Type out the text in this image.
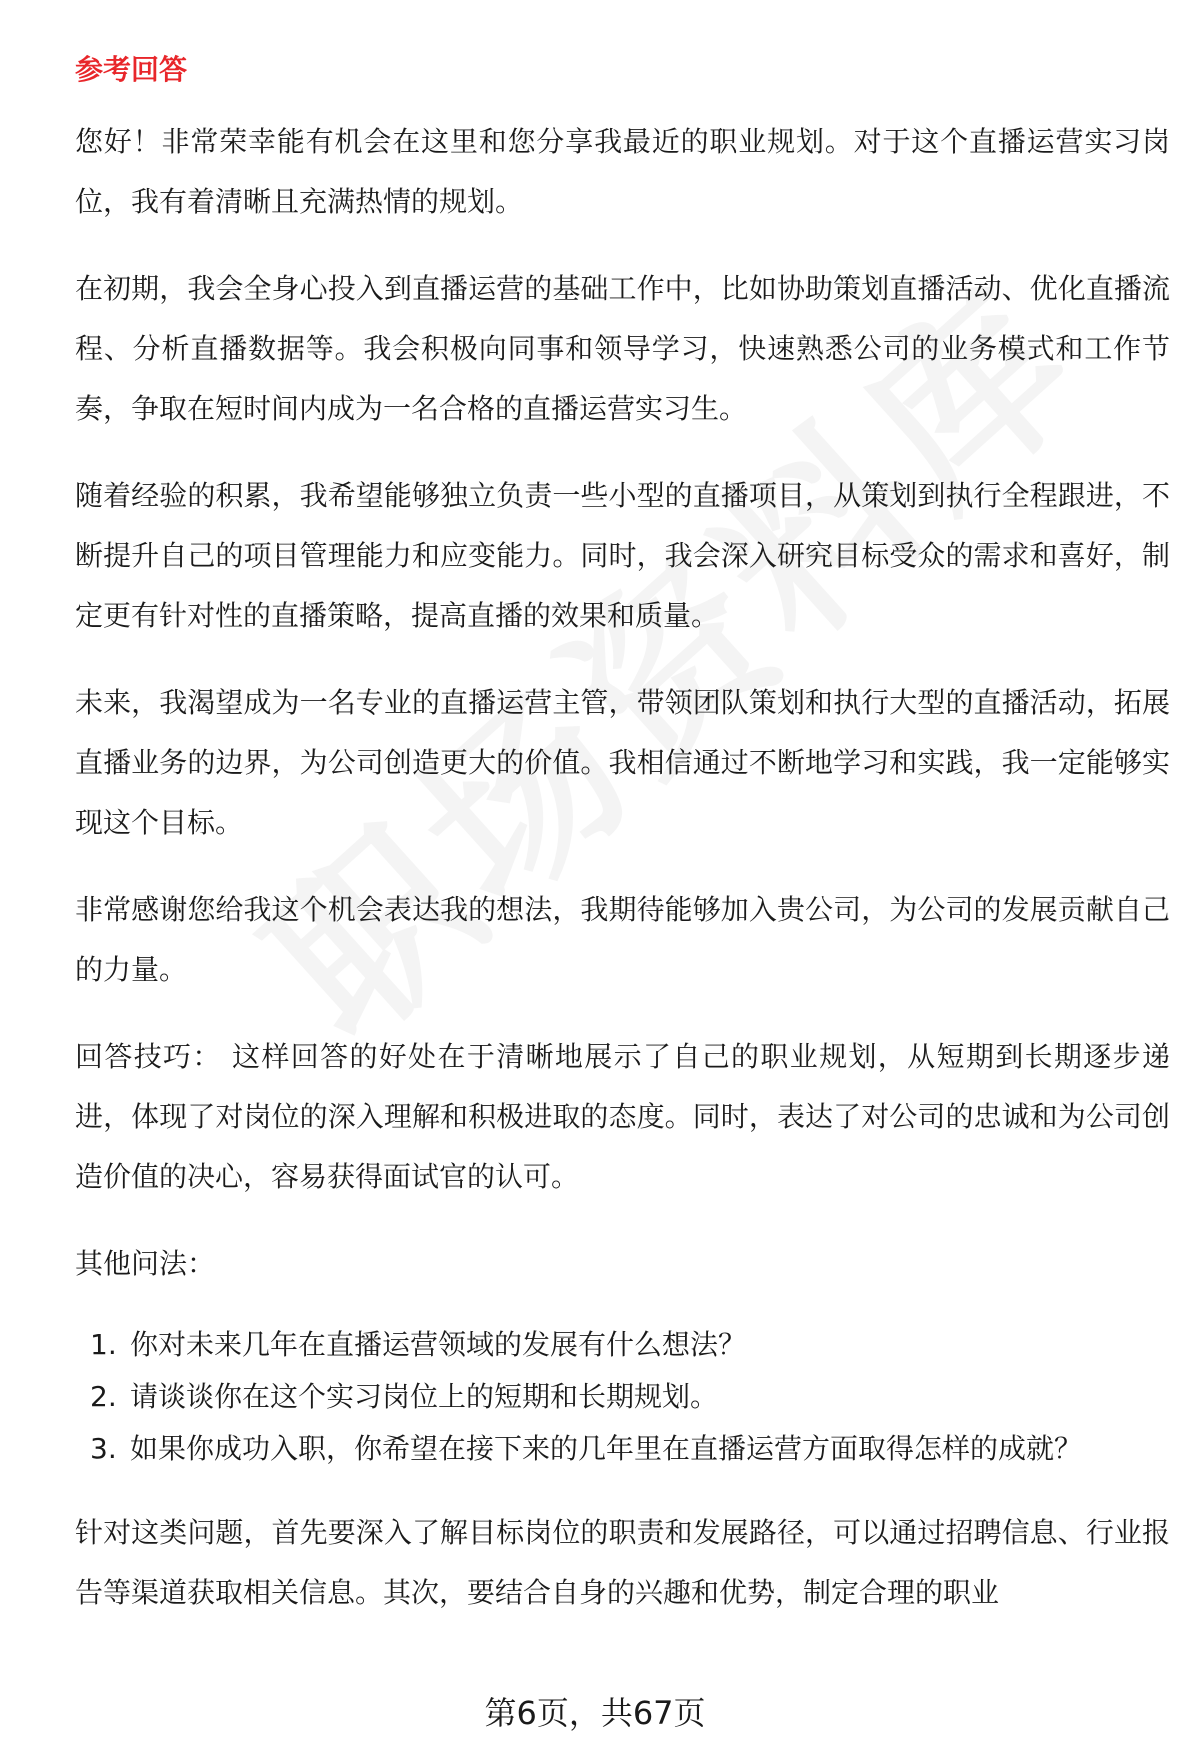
参考回答

您好！非常荣幸能有机会在这里和您分享我最近的职业规划。对于这个直播运营实习岗位，我有着清晰且充满热情的规划。

在初期，我会全身心投入到直播运营的基础工作中，比如协助策划直播活动、优化直播流程、分析直播数据等。我会积极向同事和领导学习，快速熟悉公司的业务模式和工作节奏，争取在短时间内成为一名合格的直播运营实习生。

随着经验的积累，我希望能够独立负责一些小型的直播项目，从策划到执行全程跟进，不断提升自己的项目管理能力和应变能力。同时，我会深入研究目标受众的需求和喜好，制定更有针对性的直播策略，提高直播的效果和质量。

未来，我渴望成为一名专业的直播运营主管，带领团队策划和执行大型的直播活动，拓展直播业务的边界，为公司创造更大的价值。我相信通过不断地学习和实践，我一定能够实现这个目标。

非常感谢您给我这个机会表达我的想法，我期待能够加入贵公司，为公司的发展贡献自己的力量。

回答技巧： 这样回答的好处在于清晰地展示了自己的职业规划，从短期到长期逐步递进，体现了对岗位的深入理解和积极进取的态度。同时，表达了对公司的忠诚和为公司创造价值的决心，容易获得面试官的认可。

其他问法：

1. 你对未来几年在直播运营领域的发展有什么想法？
2. 请谈谈你在这个实习岗位上的短期和长期规划。
3. 如果你成功入职，你希望在接下来的几年里在直播运营方面取得怎样的成就？

针对这类问题，首先要深入了解目标岗位的职责和发展路径，可以通过招聘信息、行业报告等渠道获取相关信息。其次，要结合自身的兴趣和优势，制定合理的职业

第6页，共67页
